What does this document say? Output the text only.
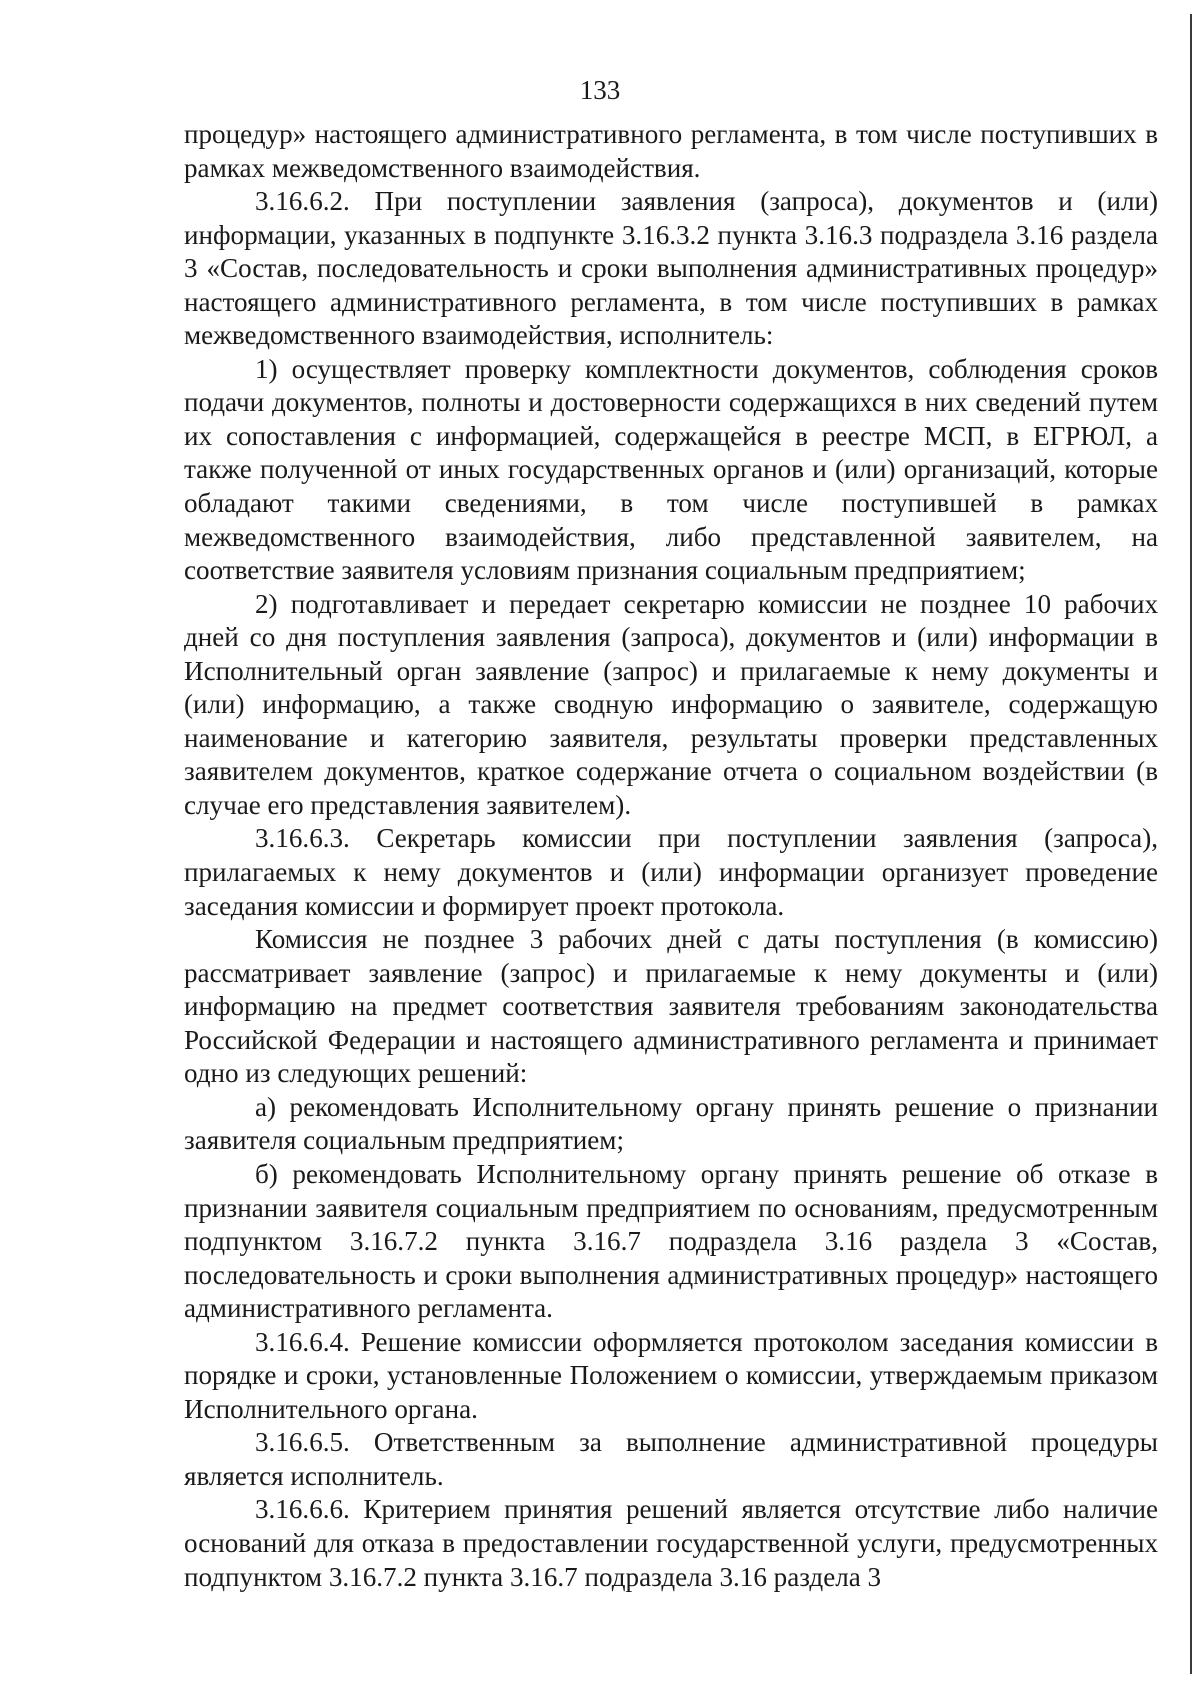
133

процедур» настоящего административного регламента, в том числе поступивших в рамках межведомственного взаимодействия.

3.16.6.2. При поступлении заявления (запроса), документов и (или) информации, указанных в подпункте 3.16.3.2 пункта 3.16.3 подраздела 3.16 раздела 3 «Состав, последовательность и сроки выполнения административных процедур» настоящего административного регламента, в том числе поступивших в рамках межведомственного взаимодействия, исполнитель:

1) осуществляет проверку комплектности документов, соблюдения сроков подачи документов, полноты и достоверности содержащихся в них сведений путем их сопоставления с информацией, содержащейся в реестре МСП, в ЕГРЮЛ, а также полученной от иных государственных органов и (или) организаций, которые обладают такими сведениями, в том числе поступившей в рамках межведомственного взаимодействия, либо представленной заявителем, на соответствие заявителя условиям признания социальным предприятием;

2) подготавливает и передает секретарю комиссии не позднее 10 рабочих дней со дня поступления заявления (запроса), документов и (или) информации в Исполнительный орган заявление (запрос) и прилагаемые к нему документы и (или) информацию, а также сводную информацию о заявителе, содержащую наименование и категорию заявителя, результаты проверки представленных заявителем документов, краткое содержание отчета о социальном воздействии (в случае его представления заявителем).

3.16.6.3. Секретарь комиссии при поступлении заявления (запроса), прилагаемых к нему документов и (или) информации организует проведение заседания комиссии и формирует проект протокола.

Комиссия не позднее 3 рабочих дней с даты поступления (в комиссию) рассматривает заявление (запрос) и прилагаемые к нему документы и (или) информацию на предмет соответствия заявителя требованиям законодательства Российской Федерации и настоящего административного регламента и принимает одно из следующих решений:

а) рекомендовать Исполнительному органу принять решение о признании заявителя социальным предприятием;

б) рекомендовать Исполнительному органу принять решение об отказе в признании заявителя социальным предприятием по основаниям, предусмотренным подпунктом 3.16.7.2 пункта 3.16.7 подраздела 3.16 раздела 3 «Состав, последовательность и сроки выполнения административных процедур» настоящего административного регламента.

3.16.6.4. Решение комиссии оформляется протоколом заседания комиссии в порядке и сроки, установленные Положением о комиссии, утверждаемым приказом Исполнительного органа.

3.16.6.5. Ответственным за выполнение административной процедуры является исполнитель.

3.16.6.6. Критерием принятия решений является отсутствие либо наличие оснований для отказа в предоставлении государственной услуги, предусмотренных подпунктом 3.16.7.2 пункта 3.16.7 подраздела 3.16 раздела 3
